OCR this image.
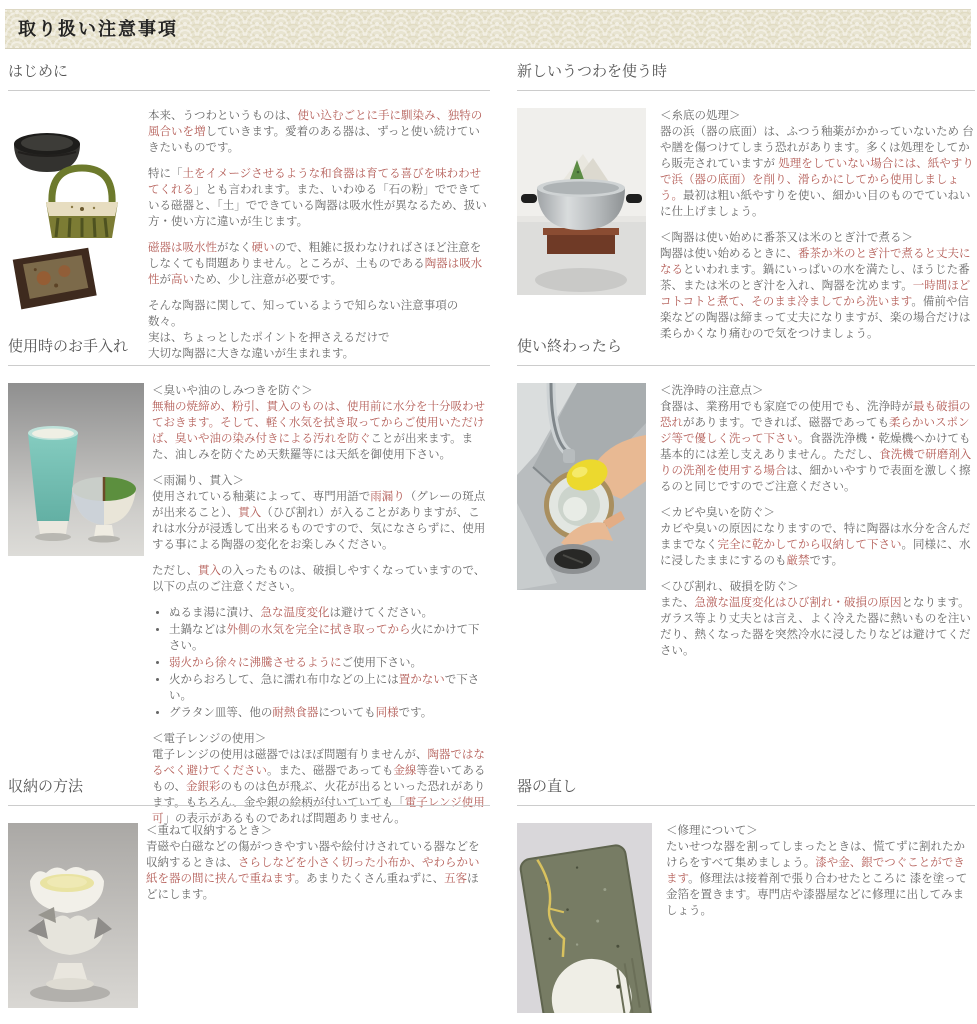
取り扱い注意事項
はじめに

本来、うつわというものは、使い込むごとに手に馴染み、独特の風合いを増していきます。愛着のある器は、ずっと使い続けていきたいものです。

特に「土をイメージさせるような和食器は育てる喜びを味わわせてくれる」とも言われます。また、いわゆる「石の粉」でできている磁器と、「土」でできている陶器は吸水性が異なるため、扱い方・使い方に違いが生じます。

磁器は吸水性がなく硬いので、粗雑に扱わなければさほど注意をしなくても問題ありません。ところが、土ものである陶器は吸水性が高いため、少し注意が必要です。

そんな陶器に関して、知っているようで知らない注意事項の数々。
実は、ちょっとしたポイントを押さえるだけで
大切な陶器に大きな違いが生まれます。

新しいうつわを使う時

＜糸底の処理＞

器の浜（器の底面）は、ふつう釉薬がかかっていないため 台や膳を傷つけてしまう恐れがあります。多くは処理をしてから販売されていますが 処理をしていない場合には、紙やすりで浜（器の底面）を削り、滑らかにしてから使用しましょう。最初は粗い紙やすりを使い、細かい目のものでていねいに仕上げましょう。

＜陶器は使い始めに番茶又は米のとぎ汁で煮る＞

陶器は使い始めるときに、番茶か米のとぎ汁で煮ると丈夫になるといわれます。鍋にいっぱいの水を満たし、ほうじた番茶、または米のとぎ汁を入れ、陶器を沈めます。一時間ほどコトコトと煮て、そのまま冷ましてから洗います。備前や信楽などの陶器は締まって丈夫になりますが、楽の場合だけは柔らかくなり痛むので気をつけましょう。

使用時のお手入れ

＜臭いや油のしみつきを防ぐ＞

無釉の焼締め、粉引、貫入のものは、使用前に水分を十分吸わせておきます。そして、軽く水気を拭き取ってからご使用いただけば、臭いや油の染み付きによる汚れを防ぐことが出来ます。また、油しみを防ぐため天麩羅等には天紙を御使用下さい。

＜雨漏り、貫入＞

使用されている釉薬によって、専門用語で雨漏り（グレーの斑点が出来ること）、貫入（ひび割れ）が入ることがありますが、これは水分が浸透して出来るものですので、気になさらずに、使用する事による陶器の変化をお楽しみください。

ただし、貫入の入ったものは、破損しやすくなっていますので、以下の点のご注意ください。

• ぬるま湯に漬け、急な温度変化は避けてください。
• 土鍋などは外側の水気を完全に拭き取ってから火にかけて下さい。
• 弱火から徐々に沸騰させるようにご使用下さい。
• 火からおろして、急に濡れ布巾などの上には置かないで下さい。
• グラタン皿等、他の耐熱食器についても同様です。

＜電子レンジの使用＞

電子レンジの使用は磁器ではほぼ問題有りませんが、陶器ではなるべく避けてください。また、磁器であっても金線等巻いてあるもの、金銀彩のものは色が飛ぶ、火花が出るといった恐れがあります。もちろん、金や銀の絵柄が付いていても「電子レンジ使用可」の表示があるものであれば問題ありません。

使い終わったら

＜洗浄時の注意点＞

食器は、業務用でも家庭での使用でも、洗浄時が最も破損の恐れがあります。できれば、磁器であっても柔らかいスポンジ等で優しく洗って下さい。食器洗浄機・乾燥機へかけても基本的には差し支えありません。ただし、食洗機で研磨剤入りの洗剤を使用する場合は、細かいやすりで表面を激しく擦るのと同じですのでご注意ください。

＜カビや臭いを防ぐ＞

カビや臭いの原因になりますので、特に陶器は水分を含んだままでなく完全に乾かしてから収納して下さい。同様に、水に浸したままにするのも厳禁です。

＜ひび割れ、破損を防ぐ＞

また、急激な温度変化はひび割れ・破損の原因となります。 ガラス等より丈夫とは言え、よく冷えた器に熱いものを注いだり、熱くなった器を突然冷水に浸したりなどは避けてください。

収納の方法

＜重ねて収納するとき＞

青磁や白磁などの傷がつきやすい器や絵付けされている器などを収納するときは、さらしなどを小さく切った小布か、やわらかい紙を器の間に挟んで重ねます。あまりたくさん重ねずに、五客ほどにします。

器の直し

＜修理について＞

たいせつな器を割ってしまったときは、慌てずに割れたかけらをすべて集めましょう。漆や金、銀でつぐことができます。修理法は接着剤で張り合わせたところに 漆を塗って金箔を置きます。専門店や漆器屋などに修理に出してみましょう。
